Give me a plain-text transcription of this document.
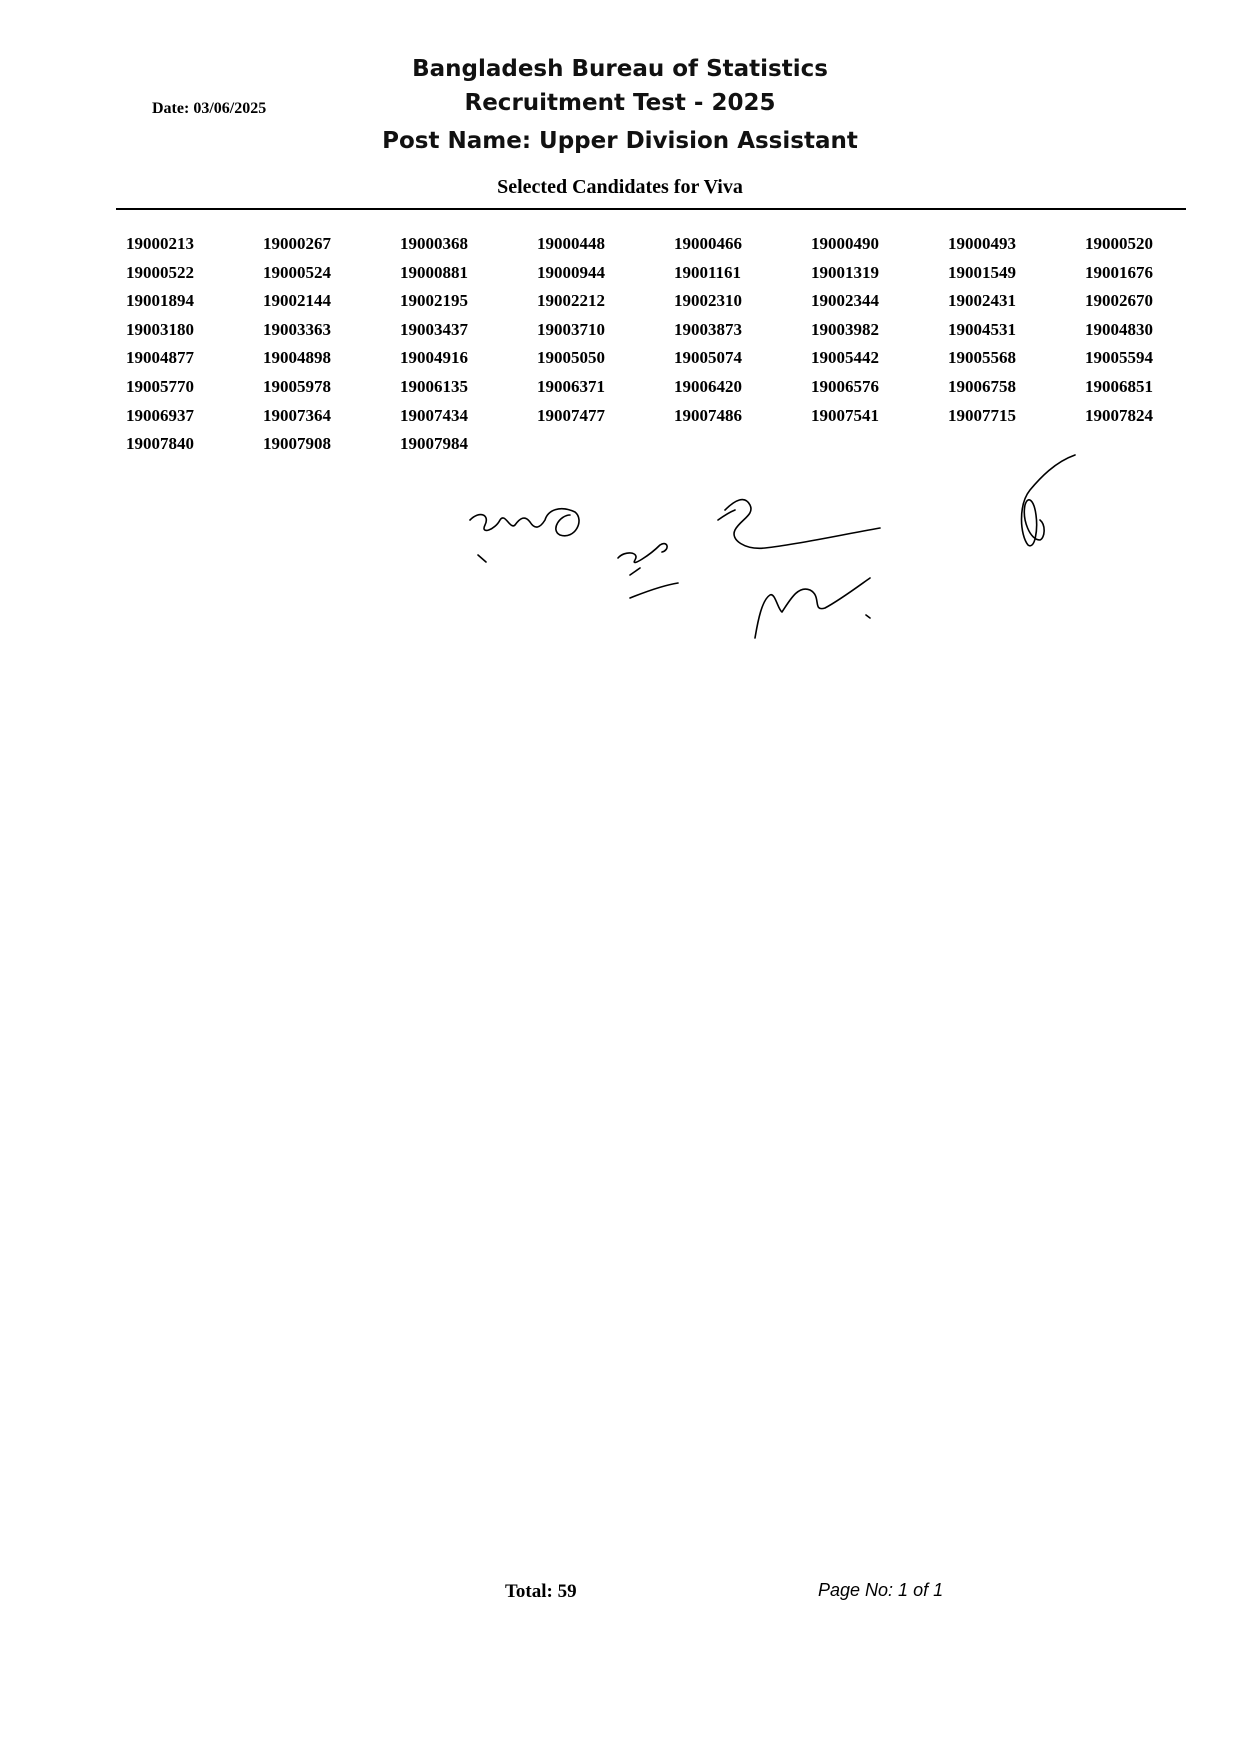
Date: 03/06/2025
Bangladesh Bureau of Statistics
Recruitment Test - 2025
Post Name: Upper Division Assistant
Selected Candidates for Viva
19000213	19000267	19000368	19000448	19000466	19000490	19000493	19000520
19000522	19000524	19000881	19000944	19001161	19001319	19001549	19001676
19001894	19002144	19002195	19002212	19002310	19002344	19002431	19002670
19003180	19003363	19003437	19003710	19003873	19003982	19004531	19004830
19004877	19004898	19004916	19005050	19005074	19005442	19005568	19005594
19005770	19005978	19006135	19006371	19006420	19006576	19006758	19006851
19006937	19007364	19007434	19007477	19007486	19007541	19007715	19007824
19007840	19007908	19007984
Total: 59	Page No: 1 of 1
